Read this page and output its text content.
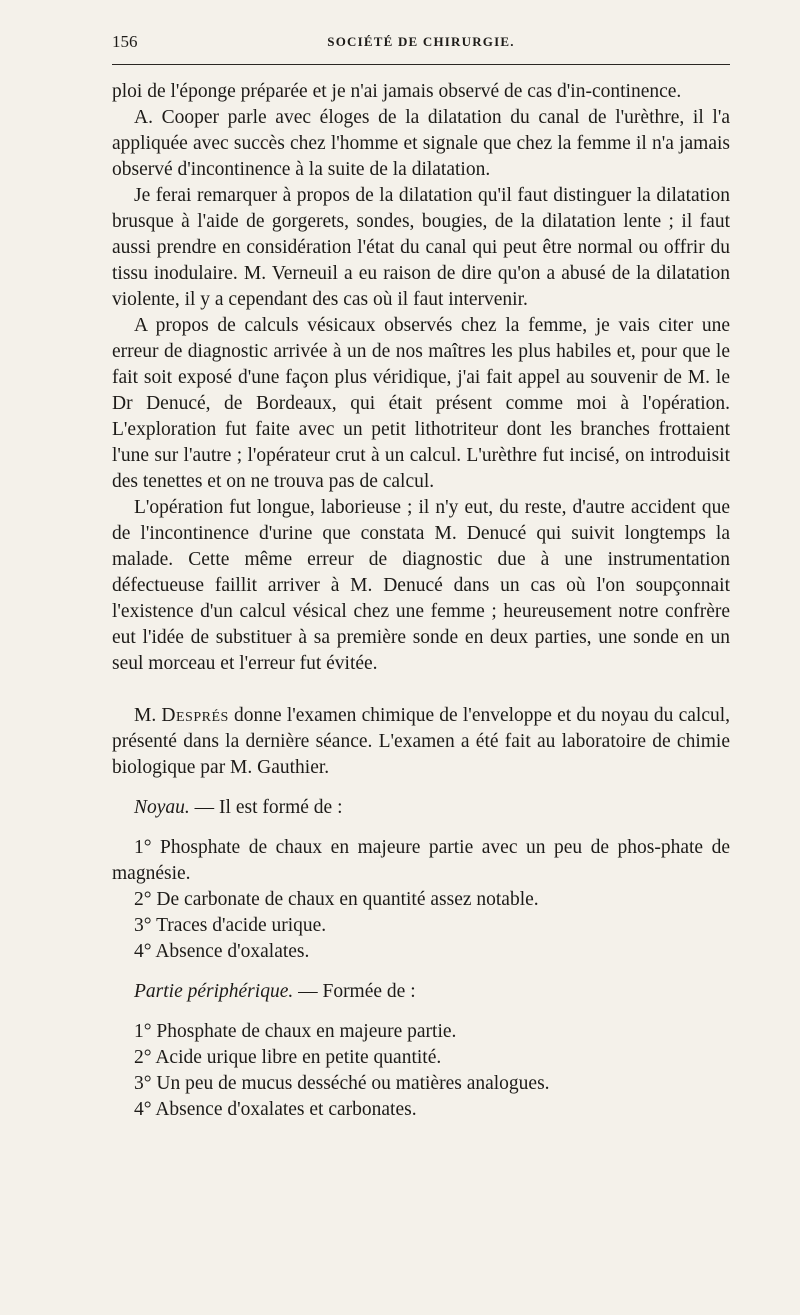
156	SOCIÉTÉ DE CHIRURGIE.

ploi de l'éponge préparée et je n'ai jamais observé de cas d'in-continence.

A. Cooper parle avec éloges de la dilatation du canal de l'urèthre, il l'a appliquée avec succès chez l'homme et signale que chez la femme il n'a jamais observé d'incontinence à la suite de la dilatation.

Je ferai remarquer à propos de la dilatation qu'il faut distinguer la dilatation brusque à l'aide de gorgerets, sondes, bougies, de la dilatation lente ; il faut aussi prendre en considération l'état du canal qui peut être normal ou offrir du tissu inodulaire. M. Verneuil a eu raison de dire qu'on a abusé de la dilatation violente, il y a cependant des cas où il faut intervenir.

A propos de calculs vésicaux observés chez la femme, je vais citer une erreur de diagnostic arrivée à un de nos maîtres les plus habiles et, pour que le fait soit exposé d'une façon plus véridique, j'ai fait appel au souvenir de M. le Dr Denucé, de Bordeaux, qui était présent comme moi à l'opération. L'exploration fut faite avec un petit lithotriteur dont les branches frottaient l'une sur l'autre ; l'opérateur crut à un calcul. L'urèthre fut incisé, on introduisit des tenettes et on ne trouva pas de calcul.

L'opération fut longue, laborieuse ; il n'y eut, du reste, d'autre accident que de l'incontinence d'urine que constata M. Denucé qui suivit longtemps la malade. Cette même erreur de diagnostic due à une instrumentation défectueuse faillit arriver à M. Denucé dans un cas où l'on soupçonnait l'existence d'un calcul vésical chez une femme ; heureusement notre confrère eut l'idée de substituer à sa première sonde en deux parties, une sonde en un seul morceau et l'erreur fut évitée.

M. Després donne l'examen chimique de l'enveloppe et du noyau du calcul, présenté dans la dernière séance. L'examen a été fait au laboratoire de chimie biologique par M. Gauthier.

Noyau. — Il est formé de :

1° Phosphate de chaux en majeure partie avec un peu de phos-phate de magnésie.

2° De carbonate de chaux en quantité assez notable.

3° Traces d'acide urique.

4° Absence d'oxalates.

Partie périphérique. — Formée de :

1° Phosphate de chaux en majeure partie.

2° Acide urique libre en petite quantité.

3° Un peu de mucus desséché ou matières analogues.

4° Absence d'oxalates et carbonates.
